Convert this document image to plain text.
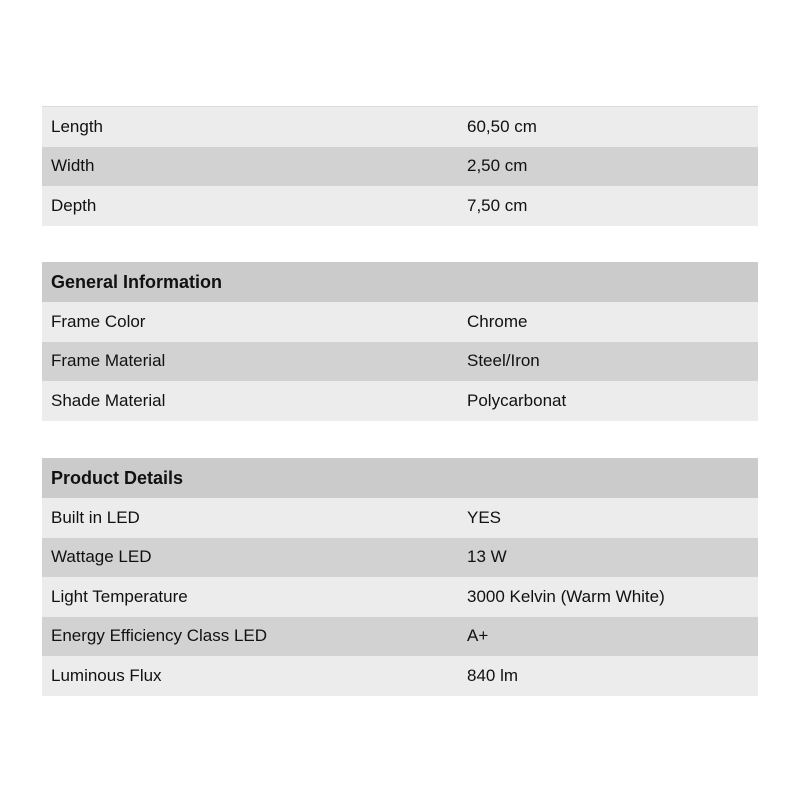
Length	60,50 cm
Width	2,50 cm
Depth	7,50 cm
General Information
Frame Color	Chrome
Frame Material	Steel/Iron
Shade Material	Polycarbonat
Product Details
Built in LED	YES
Wattage LED	13 W
Light Temperature	3000 Kelvin (Warm White)
Energy Efficiency Class LED	A+
Luminous Flux	840 lm
